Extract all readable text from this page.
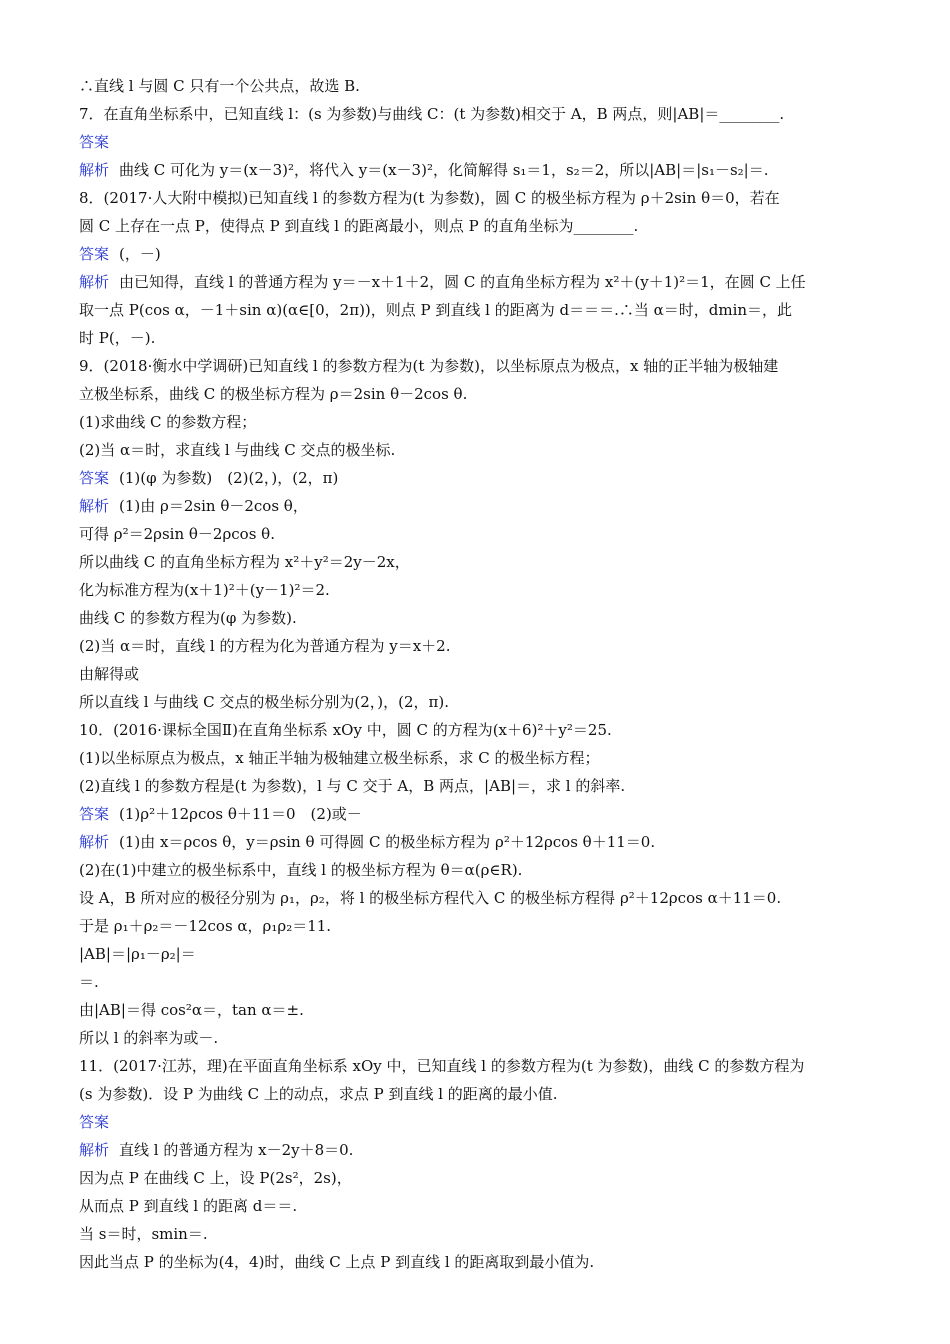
∴直线 l 与圆 C 只有一个公共点，故选 B.
7．在直角坐标系中，已知直线 l：(s 为参数)与曲线 C：(t 为参数)相交于 A，B 两点，则|AB|＝________.
答案
解析 曲线 C 可化为 y＝(x－3)²，将代入 y＝(x－3)²，化简解得 s₁＝1，s₂＝2，所以|AB|＝|s₁－s₂|＝.
8．(2017·人大附中模拟)已知直线 l 的参数方程为(t 为参数)，圆 C 的极坐标方程为 ρ＋2sin θ＝0，若在
圆 C 上存在一点 P，使得点 P 到直线 l 的距离最小，则点 P 的直角坐标为________.
答案 (，－)
解析 由已知得，直线 l 的普通方程为 y＝－x＋1＋2，圆 C 的直角坐标方程为 x²＋(y＋1)²＝1，在圆 C 上任
取一点 P(cos α，－1＋sin α)(α∈[0，2π))，则点 P 到直线 l 的距离为 d＝＝＝.∴当 α＝时，dmin＝，此
时 P(，－).
9．(2018·衡水中学调研)已知直线 l 的参数方程为(t 为参数)，以坐标原点为极点，x 轴的正半轴为极轴建
立极坐标系，曲线 C 的极坐标方程为 ρ＝2sin θ－2cos θ.
(1)求曲线 C 的参数方程；
(2)当 α＝时，求直线 l 与曲线 C 交点的极坐标.
答案 (1)(φ 为参数)　(2)(2，)，(2，π)
解析 (1)由 ρ＝2sin θ－2cos θ，
可得 ρ²＝2ρsin θ－2ρcos θ.
所以曲线 C 的直角坐标方程为 x²＋y²＝2y－2x，
化为标准方程为(x＋1)²＋(y－1)²＝2.
曲线 C 的参数方程为(φ 为参数).
(2)当 α＝时，直线 l 的方程为化为普通方程为 y＝x＋2.
由解得或
所以直线 l 与曲线 C 交点的极坐标分别为(2，)，(2，π).
10．(2016·课标全国Ⅱ)在直角坐标系 xOy 中，圆 C 的方程为(x＋6)²＋y²＝25.
(1)以坐标原点为极点，x 轴正半轴为极轴建立极坐标系，求 C 的极坐标方程；
(2)直线 l 的参数方程是(t 为参数)，l 与 C 交于 A，B 两点，|AB|＝，求 l 的斜率.
答案 (1)ρ²＋12ρcos θ＋11＝0　(2)或－
解析 (1)由 x＝ρcos θ，y＝ρsin θ 可得圆 C 的极坐标方程为 ρ²＋12ρcos θ＋11＝0.
(2)在(1)中建立的极坐标系中，直线 l 的极坐标方程为 θ＝α(ρ∈R).
设 A，B 所对应的极径分别为 ρ₁，ρ₂，将 l 的极坐标方程代入 C 的极坐标方程得 ρ²＋12ρcos α＋11＝0.
于是 ρ₁＋ρ₂＝－12cos α，ρ₁ρ₂＝11.
|AB|＝|ρ₁－ρ₂|＝
＝.
由|AB|＝得 cos²α＝，tan α＝±.
所以 l 的斜率为或－.
11．(2017·江苏，理)在平面直角坐标系 xOy 中，已知直线 l 的参数方程为(t 为参数)，曲线 C 的参数方程为
(s 为参数)．设 P 为曲线 C 上的动点，求点 P 到直线 l 的距离的最小值.
答案
解析 直线 l 的普通方程为 x－2y＋8＝0.
因为点 P 在曲线 C 上，设 P(2s²，2s)，
从而点 P 到直线 l 的距离 d＝＝.
当 s＝时，smin＝.
因此当点 P 的坐标为(4，4)时，曲线 C 上点 P 到直线 l 的距离取到最小值为.
